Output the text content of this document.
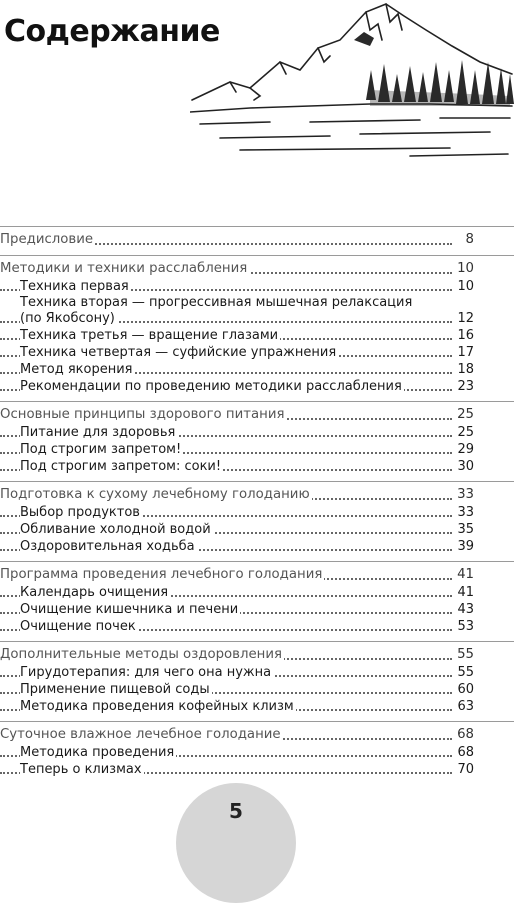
Содержание
Предисловие	8
Методики и техники расслабления	10
Техника первая	10
Техника вторая — прогрессивная мышечная релаксация
(по Якобсону)	12
Техника третья — вращение глазами	16
Техника четвертая — суфийские упражнения	17
Метод якорения	18
Рекомендации по проведению методики расслабления	23
Основные принципы здорового питания	25
Питание для здоровья	25
Под строгим запретом!	29
Под строгим запретом: соки!	30
Подготовка к сухому лечебному голоданию	33
Выбор продуктов	33
Обливание холодной водой	35
Оздоровительная ходьба	39
Программа проведения лечебного голодания	41
Календарь очищения	41
Очищение кишечника и печени	43
Очищение почек	53
Дополнительные методы оздоровления	55
Гирудотерапия: для чего она нужна	55
Применение пищевой соды	60
Методика проведения кофейных клизм	63
Суточное влажное лечебное голодание	68
Методика проведения	68
Теперь о клизмах	70
5
